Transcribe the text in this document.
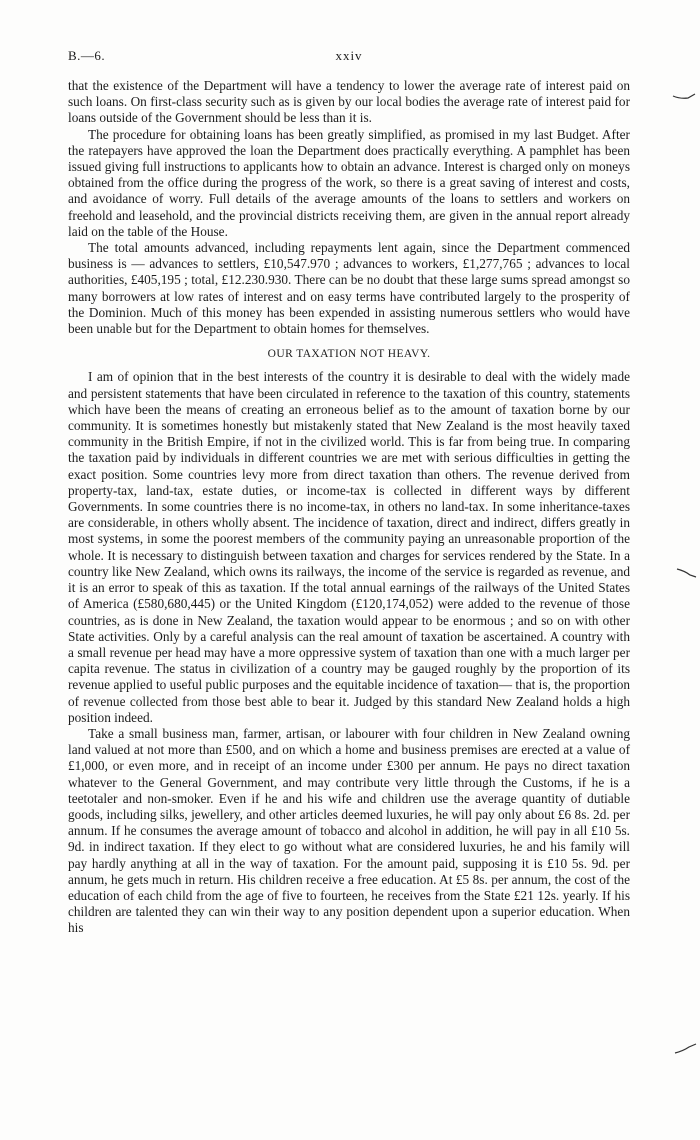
B.—6.	xxiv

that the existence of the Department will have a tendency to lower the average rate of interest paid on such loans. On first-class security such as is given by our local bodies the average rate of interest paid for loans outside of the Government should be less than it is.

The procedure for obtaining loans has been greatly simplified, as promised in my last Budget. After the ratepayers have approved the loan the Department does practically everything. A pamphlet has been issued giving full instructions to applicants how to obtain an advance. Interest is charged only on moneys obtained from the office during the progress of the work, so there is a great saving of interest and costs, and avoidance of worry. Full details of the average amounts of the loans to settlers and workers on freehold and leasehold, and the provincial districts receiving them, are given in the annual report already laid on the table of the House.

The total amounts advanced, including repayments lent again, since the Department commenced business is — advances to settlers, £10,547.970 ; advances to workers, £1,277,765 ; advances to local authorities, £405,195 ; total, £12.230.930. There can be no doubt that these large sums spread amongst so many borrowers at low rates of interest and on easy terms have contributed largely to the prosperity of the Dominion. Much of this money has been expended in assisting numerous settlers who would have been unable but for the Department to obtain homes for themselves.

OUR TAXATION NOT HEAVY.

I am of opinion that in the best interests of the country it is desirable to deal with the widely made and persistent statements that have been circulated in reference to the taxation of this country, statements which have been the means of creating an erroneous belief as to the amount of taxation borne by our community. It is sometimes honestly but mistakenly stated that New Zealand is the most heavily taxed community in the British Empire, if not in the civilized world. This is far from being true. In comparing the taxation paid by individuals in different countries we are met with serious difficulties in getting the exact position. Some countries levy more from direct taxation than others. The revenue derived from property-tax, land-tax, estate duties, or income-tax is collected in different ways by different Governments. In some countries there is no income-tax, in others no land-tax. In some inheritance-taxes are considerable, in others wholly absent. The incidence of taxation, direct and indirect, differs greatly in most systems, in some the poorest members of the community paying an unreasonable proportion of the whole. It is necessary to distinguish between taxation and charges for services rendered by the State. In a country like New Zealand, which owns its railways, the income of the service is regarded as revenue, and it is an error to speak of this as taxation. If the total annual earnings of the railways of the United States of America (£580,680,445) or the United Kingdom (£120,174,052) were added to the revenue of those countries, as is done in New Zealand, the taxation would appear to be enormous ; and so on with other State activities. Only by a careful analysis can the real amount of taxation be ascertained. A country with a small revenue per head may have a more oppressive system of taxation than one with a much larger per capita revenue. The status in civilization of a country may be gauged roughly by the proportion of its revenue applied to useful public purposes and the equitable incidence of taxation— that is, the proportion of revenue collected from those best able to bear it. Judged by this standard New Zealand holds a high position indeed.

Take a small business man, farmer, artisan, or labourer with four children in New Zealand owning land valued at not more than £500, and on which a home and business premises are erected at a value of £1,000, or even more, and in receipt of an income under £300 per annum. He pays no direct taxation whatever to the General Government, and may contribute very little through the Customs, if he is a teetotaler and non-smoker. Even if he and his wife and children use the average quantity of dutiable goods, including silks, jewellery, and other articles deemed luxuries, he will pay only about £6 8s. 2d. per annum. If he consumes the average amount of tobacco and alcohol in addition, he will pay in all £10 5s. 9d. in indirect taxation. If they elect to go without what are considered luxuries, he and his family will pay hardly anything at all in the way of taxation. For the amount paid, supposing it is £10 5s. 9d. per annum, he gets much in return. His children receive a free education. At £5 8s. per annum, the cost of the education of each child from the age of five to fourteen, he receives from the State £21 12s. yearly. If his children are talented they can win their way to any position dependent upon a superior education. When his
